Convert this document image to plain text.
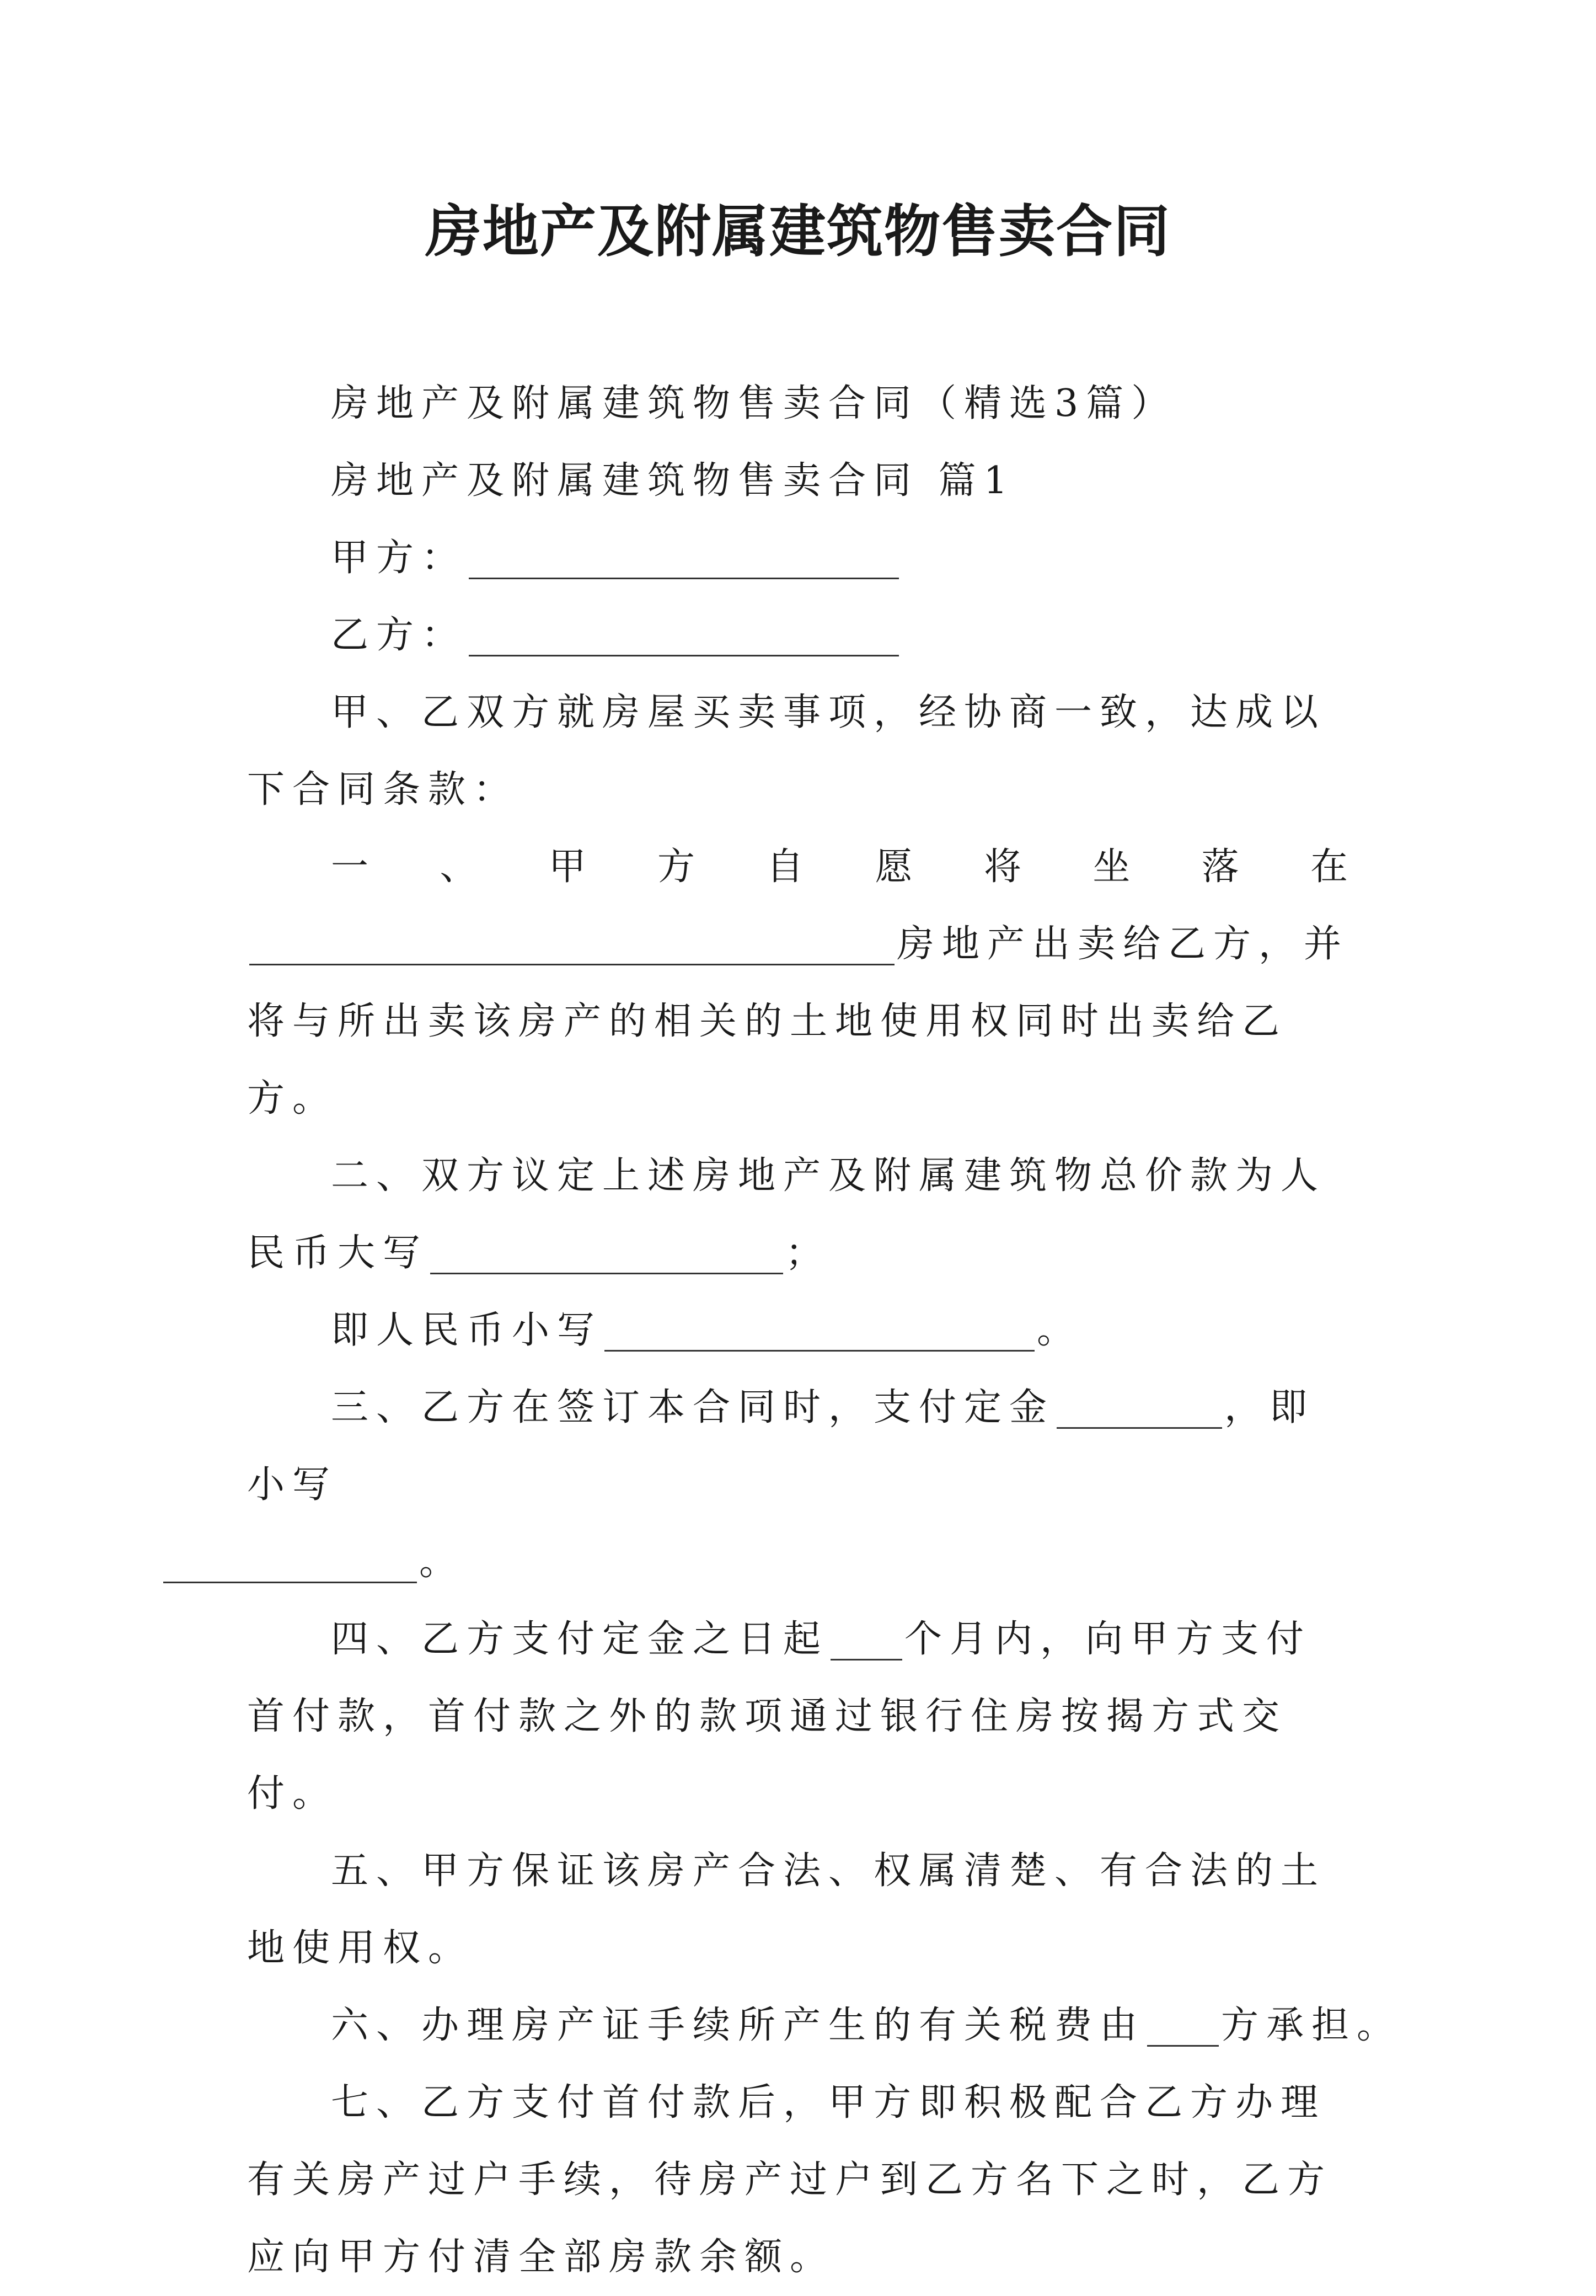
房地产及附属建筑物售卖合同

房地产及附属建筑物售卖合同（精选3篇）

房地产及附属建筑物售卖合同 篇1

甲方：

乙方：

甲、乙双方就房屋买卖事项，经协商一致，达成以下合同条款：

一、甲方自愿将坐落在

房地产出卖给乙方，并将与所出卖该房产的相关的土地使用权同时出卖给乙方。

二、双方议定上述房地产及附属建筑物总价款为人民币大写	；

即人民币小写	。

三、乙方在签订本合同时，支付定金	，即小写
。

四、乙方支付定金之日起 个月内，向甲方支付首付款，首付款之外的款项通过银行住房按揭方式交付。

五、甲方保证该房产合法、权属清楚、有合法的土地使用权。

六、办理房产证手续所产生的有关税费由 方承担。

七、乙方支付首付款后，甲方即积极配合乙方办理有关房产过户手续，待房产过户到乙方名下之时，乙方应向甲方付清全部房款余额。
